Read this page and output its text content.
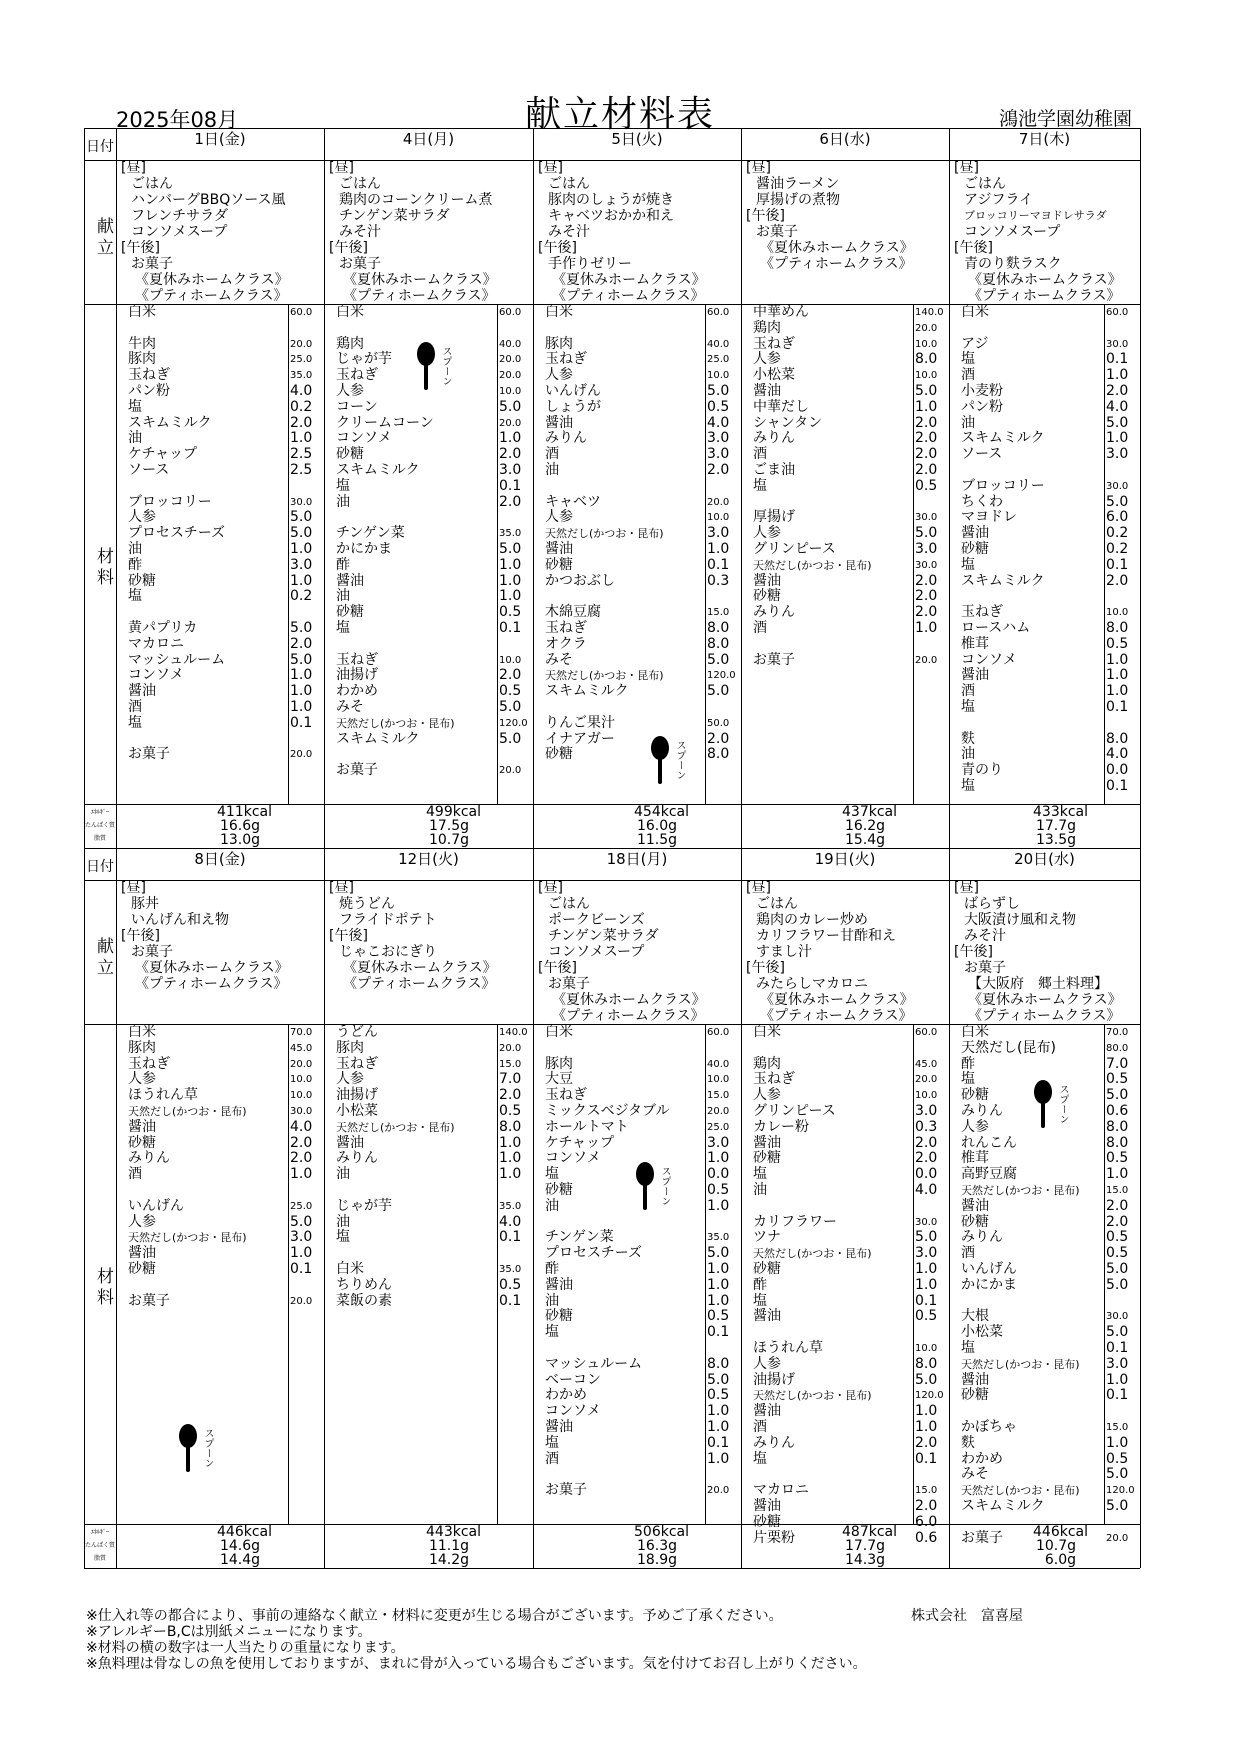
2025年08月	献立材料表	鴻池学園幼稚園
日付
献立
材料
ｴﾈﾙｷﾞｰ
たんぱく質
脂質
1日(金)
[昼]
ごはん
ハンバーグBBQソース風
フレンチサラダ
コンソメスープ
[午後]
お菓子
《夏休みホームクラス》
《プティホームクラス》
白米
牛肉
豚肉
玉ねぎ
パン粉
塩
スキムミルク
油
ケチャップ
ソース
ブロッコリー
人参
プロセスチーズ
油
酢
砂糖
塩
黄パプリカ
マカロニ
マッシュルーム
コンソメ
醤油
酒
塩
お菓子
60.0
20.0
25.0
35.0
4.0
0.2
2.0
1.0
2.5
2.5
30.0
5.0
5.0
1.0
3.0
1.0
0.2
5.0
2.0
5.0
1.0
1.0
1.0
0.1
20.0
411kcal
16.6g
13.0g
4日(月)
[昼]
ごはん
鶏肉のコーンクリーム煮
チンゲン菜サラダ
みそ汁
[午後]
お菓子
《夏休みホームクラス》
《プティホームクラス》
白米
鶏肉
じゃが芋
玉ねぎ
人参
コーン
クリームコーン
コンソメ
砂糖
スキムミルク
塩
油
チンゲン菜
かにかま
酢
醤油
油
砂糖
塩
玉ねぎ
油揚げ
わかめ
みそ
天然だし(かつお・昆布)
スキムミルク
お菓子
60.0
40.0
20.0
20.0
10.0
5.0
20.0
1.0
2.0
3.0
0.1
2.0
35.0
5.0
1.0
1.0
1.0
0.5
0.1
10.0
2.0
0.5
5.0
120.0
5.0
20.0
499kcal
17.5g
10.7g
5日(火)
[昼]
ごはん
豚肉のしょうが焼き
キャベツおかか和え
みそ汁
[午後]
手作りゼリー
《夏休みホームクラス》
《プティホームクラス》
白米
豚肉
玉ねぎ
人参
いんげん
しょうが
醤油
みりん
酒
油
キャベツ
人参
天然だし(かつお・昆布)
醤油
砂糖
かつおぶし
木綿豆腐
玉ねぎ
オクラ
みそ
天然だし(かつお・昆布)
スキムミルク
りんご果汁
イナアガー
砂糖
60.0
40.0
25.0
10.0
5.0
0.5
4.0
3.0
3.0
2.0
20.0
10.0
3.0
1.0
0.1
0.3
15.0
8.0
8.0
5.0
120.0
5.0
50.0
2.0
8.0
454kcal
16.0g
11.5g
6日(水)
[昼]
醤油ラーメン
厚揚げの煮物
[午後]
お菓子
《夏休みホームクラス》
《プティホームクラス》
中華めん
鶏肉
玉ねぎ
人参
小松菜
醤油
中華だし
シャンタン
みりん
酒
ごま油
塩
厚揚げ
人参
グリンピース
天然だし(かつお・昆布)
醤油
砂糖
みりん
酒
お菓子
140.0
20.0
10.0
8.0
10.0
5.0
1.0
2.0
2.0
2.0
2.0
0.5
30.0
5.0
3.0
30.0
2.0
2.0
2.0
1.0
20.0
437kcal
16.2g
15.4g
7日(木)
[昼]
ごはん
アジフライ
ブロッコリーマヨドレサラダ
コンソメスープ
[午後]
青のり麩ラスク
《夏休みホームクラス》
《プティホームクラス》
白米
アジ
塩
酒
小麦粉
パン粉
油
スキムミルク
ソース
ブロッコリー
ちくわ
マヨドレ
醤油
砂糖
塩
スキムミルク
玉ねぎ
ロースハム
椎茸
コンソメ
醤油
酒
塩
麩
油
青のり
塩
60.0
30.0
0.1
1.0
2.0
4.0
5.0
1.0
3.0
30.0
5.0
6.0
0.2
0.2
0.1
2.0
10.0
8.0
0.5
1.0
1.0
1.0
0.1
8.0
4.0
0.0
0.1
433kcal
17.7g
13.5g
スプーン
スプーン
日付
献立
材料
ｴﾈﾙｷﾞｰ
たんぱく質
脂質
8日(金)
[昼]
豚丼
いんげん和え物
[午後]
お菓子
《夏休みホームクラス》
《プティホームクラス》
白米
豚肉
玉ねぎ
人参
ほうれん草
天然だし(かつお・昆布)
醤油
砂糖
みりん
酒
いんげん
人参
天然だし(かつお・昆布)
醤油
砂糖
お菓子
70.0
45.0
20.0
10.0
10.0
30.0
4.0
2.0
2.0
1.0
25.0
5.0
3.0
1.0
0.1
20.0
446kcal
14.6g
14.4g
12日(火)
[昼]
焼うどん
フライドポテト
[午後]
じゃこおにぎり
《夏休みホームクラス》
《プティホームクラス》
うどん
豚肉
玉ねぎ
人参
油揚げ
小松菜
天然だし(かつお・昆布)
醤油
みりん
油
じゃが芋
油
塩
白米
ちりめん
菜飯の素
140.0
20.0
15.0
7.0
2.0
0.5
8.0
1.0
1.0
1.0
35.0
4.0
0.1
35.0
0.5
0.1
443kcal
11.1g
14.2g
18日(月)
[昼]
ごはん
ポークビーンズ
チンゲン菜サラダ
コンソメスープ
[午後]
お菓子
《夏休みホームクラス》
《プティホームクラス》
白米
豚肉
大豆
玉ねぎ
ミックスベジタブル
ホールトマト
ケチャップ
コンソメ
塩
砂糖
油
チンゲン菜
プロセスチーズ
酢
醤油
油
砂糖
塩
マッシュルーム
ベーコン
わかめ
コンソメ
醤油
塩
酒
お菓子
60.0
40.0
10.0
15.0
20.0
25.0
3.0
1.0
0.0
0.5
1.0
35.0
5.0
1.0
1.0
1.0
0.5
0.1
8.0
5.0
0.5
1.0
1.0
0.1
1.0
20.0
506kcal
16.3g
18.9g
19日(火)
[昼]
ごはん
鶏肉のカレー炒め
カリフラワー甘酢和え
すまし汁
[午後]
みたらしマカロニ
《夏休みホームクラス》
《プティホームクラス》
白米
鶏肉
玉ねぎ
人参
グリンピース
カレー粉
醤油
砂糖
塩
油
カリフラワー
ツナ
天然だし(かつお・昆布)
砂糖
酢
塩
醤油
ほうれん草
人参
油揚げ
天然だし(かつお・昆布)
醤油
酒
みりん
塩
マカロニ
醤油
砂糖
片栗粉
60.0
45.0
20.0
10.0
3.0
0.3
2.0
2.0
0.0
4.0
30.0
5.0
3.0
1.0
1.0
0.1
0.5
10.0
8.0
5.0
120.0
1.0
1.0
2.0
0.1
15.0
2.0
6.0
0.6
487kcal
17.7g
14.3g
20日(水)
[昼]
ばらずし
大阪漬け風和え物
みそ汁
[午後]
お菓子
【大阪府　郷土料理】
《夏休みホームクラス》
《プティホームクラス》
白米
天然だし(昆布)
酢
塩
砂糖
みりん
人参
れんこん
椎茸
高野豆腐
天然だし(かつお・昆布)
醤油
砂糖
みりん
酒
いんげん
かにかま
大根
小松菜
塩
天然だし(かつお・昆布)
醤油
砂糖
かぼちゃ
麩
わかめ
みそ
天然だし(かつお・昆布)
スキムミルク
お菓子
70.0
80.0
7.0
0.5
5.0
0.6
8.0
8.0
0.5
1.0
15.0
2.0
2.0
0.5
0.5
5.0
5.0
30.0
5.0
0.1
3.0
1.0
0.1
15.0
1.0
0.5
5.0
120.0
5.0
20.0
446kcal
10.7g
6.0g
スプーン
スプーン
スプーン
※仕入れ等の都合により、事前の連絡なく献立・材料に変更が生じる場合がございます。予めご了承ください。
※アレルギーB,Cは別紙メニューになります。
※材料の横の数字は一人当たりの重量になります。
※魚料理は骨なしの魚を使用しておりますが、まれに骨が入っている場合もございます。気を付けてお召し上がりください。
株式会社　富喜屋
